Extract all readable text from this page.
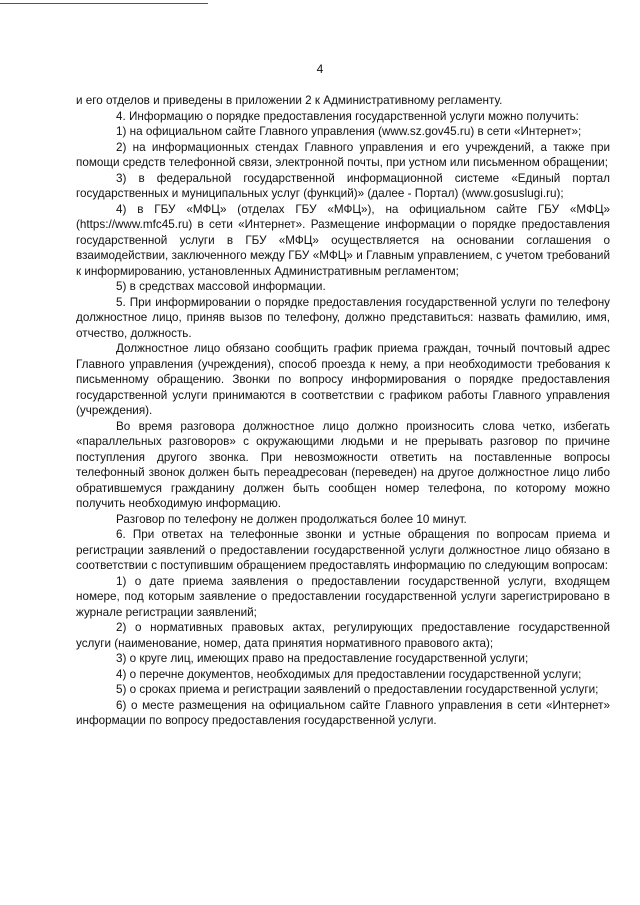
4

и его отделов и приведены в приложении 2 к Административному регламенту.

4. Информацию о порядке предоставления государственной услуги можно получить:

1) на официальном сайте Главного управления (www.sz.gov45.ru) в сети «Интернет»;

2) на информационных стендах Главного управления и его учреждений, а также при помощи средств телефонной связи, электронной почты, при устном или письменном обращении;

3) в федеральной государственной информационной системе «Единый портал государственных и муниципальных услуг (функций)» (далее - Портал) (www.gosuslugi.ru);

4) в ГБУ «МФЦ» (отделах ГБУ «МФЦ»), на официальном сайте ГБУ «МФЦ» (https://www.mfc45.ru) в сети «Интернет». Размещение информации о порядке предоставления государственной услуги в ГБУ «МФЦ» осуществляется на основании соглашения о взаимодействии, заключенного между ГБУ «МФЦ» и Главным управлением, с учетом требований к информированию, установленных Административным регламентом;

5) в средствах массовой информации.

5. При информировании о порядке предоставления государственной услуги по телефону должностное лицо, приняв вызов по телефону, должно представиться: назвать фамилию, имя, отчество, должность.

Должностное лицо обязано сообщить график приема граждан, точный почтовый адрес Главного управления (учреждения), способ проезда к нему, а при необходимости требования к письменному обращению. Звонки по вопросу информирования о порядке предоставления государственной услуги принимаются в соответствии с графиком работы Главного управления (учреждения).

Во время разговора должностное лицо должно произносить слова четко, избегать «параллельных разговоров» с окружающими людьми и не прерывать разговор по причине поступления другого звонка. При невозможности ответить на поставленные вопросы телефонный звонок должен быть переадресован (переведен) на другое должностное лицо либо обратившемуся гражданину должен быть сообщен номер телефона, по которому можно получить необходимую информацию.

Разговор по телефону не должен продолжаться более 10 минут.

6. При ответах на телефонные звонки и устные обращения по вопросам приема и регистрации заявлений о предоставлении государственной услуги должностное лицо обязано в соответствии с поступившим обращением предоставлять информацию по следующим вопросам:

1) о дате приема заявления о предоставлении государственной услуги, входящем номере, под которым заявление о предоставлении государственной услуги зарегистрировано в журнале регистрации заявлений;

2) о нормативных правовых актах, регулирующих предоставление государственной услуги (наименование, номер, дата принятия нормативного правового акта);

3) о круге лиц, имеющих право на предоставление государственной услуги;

4) о перечне документов, необходимых для предоставлении государственной услуги;

5) о сроках приема и регистрации заявлений о предоставлении государственной услуги;

6) о месте размещения на официальном сайте Главного управления в сети «Интернет» информации по вопросу предоставления государственной услуги.
